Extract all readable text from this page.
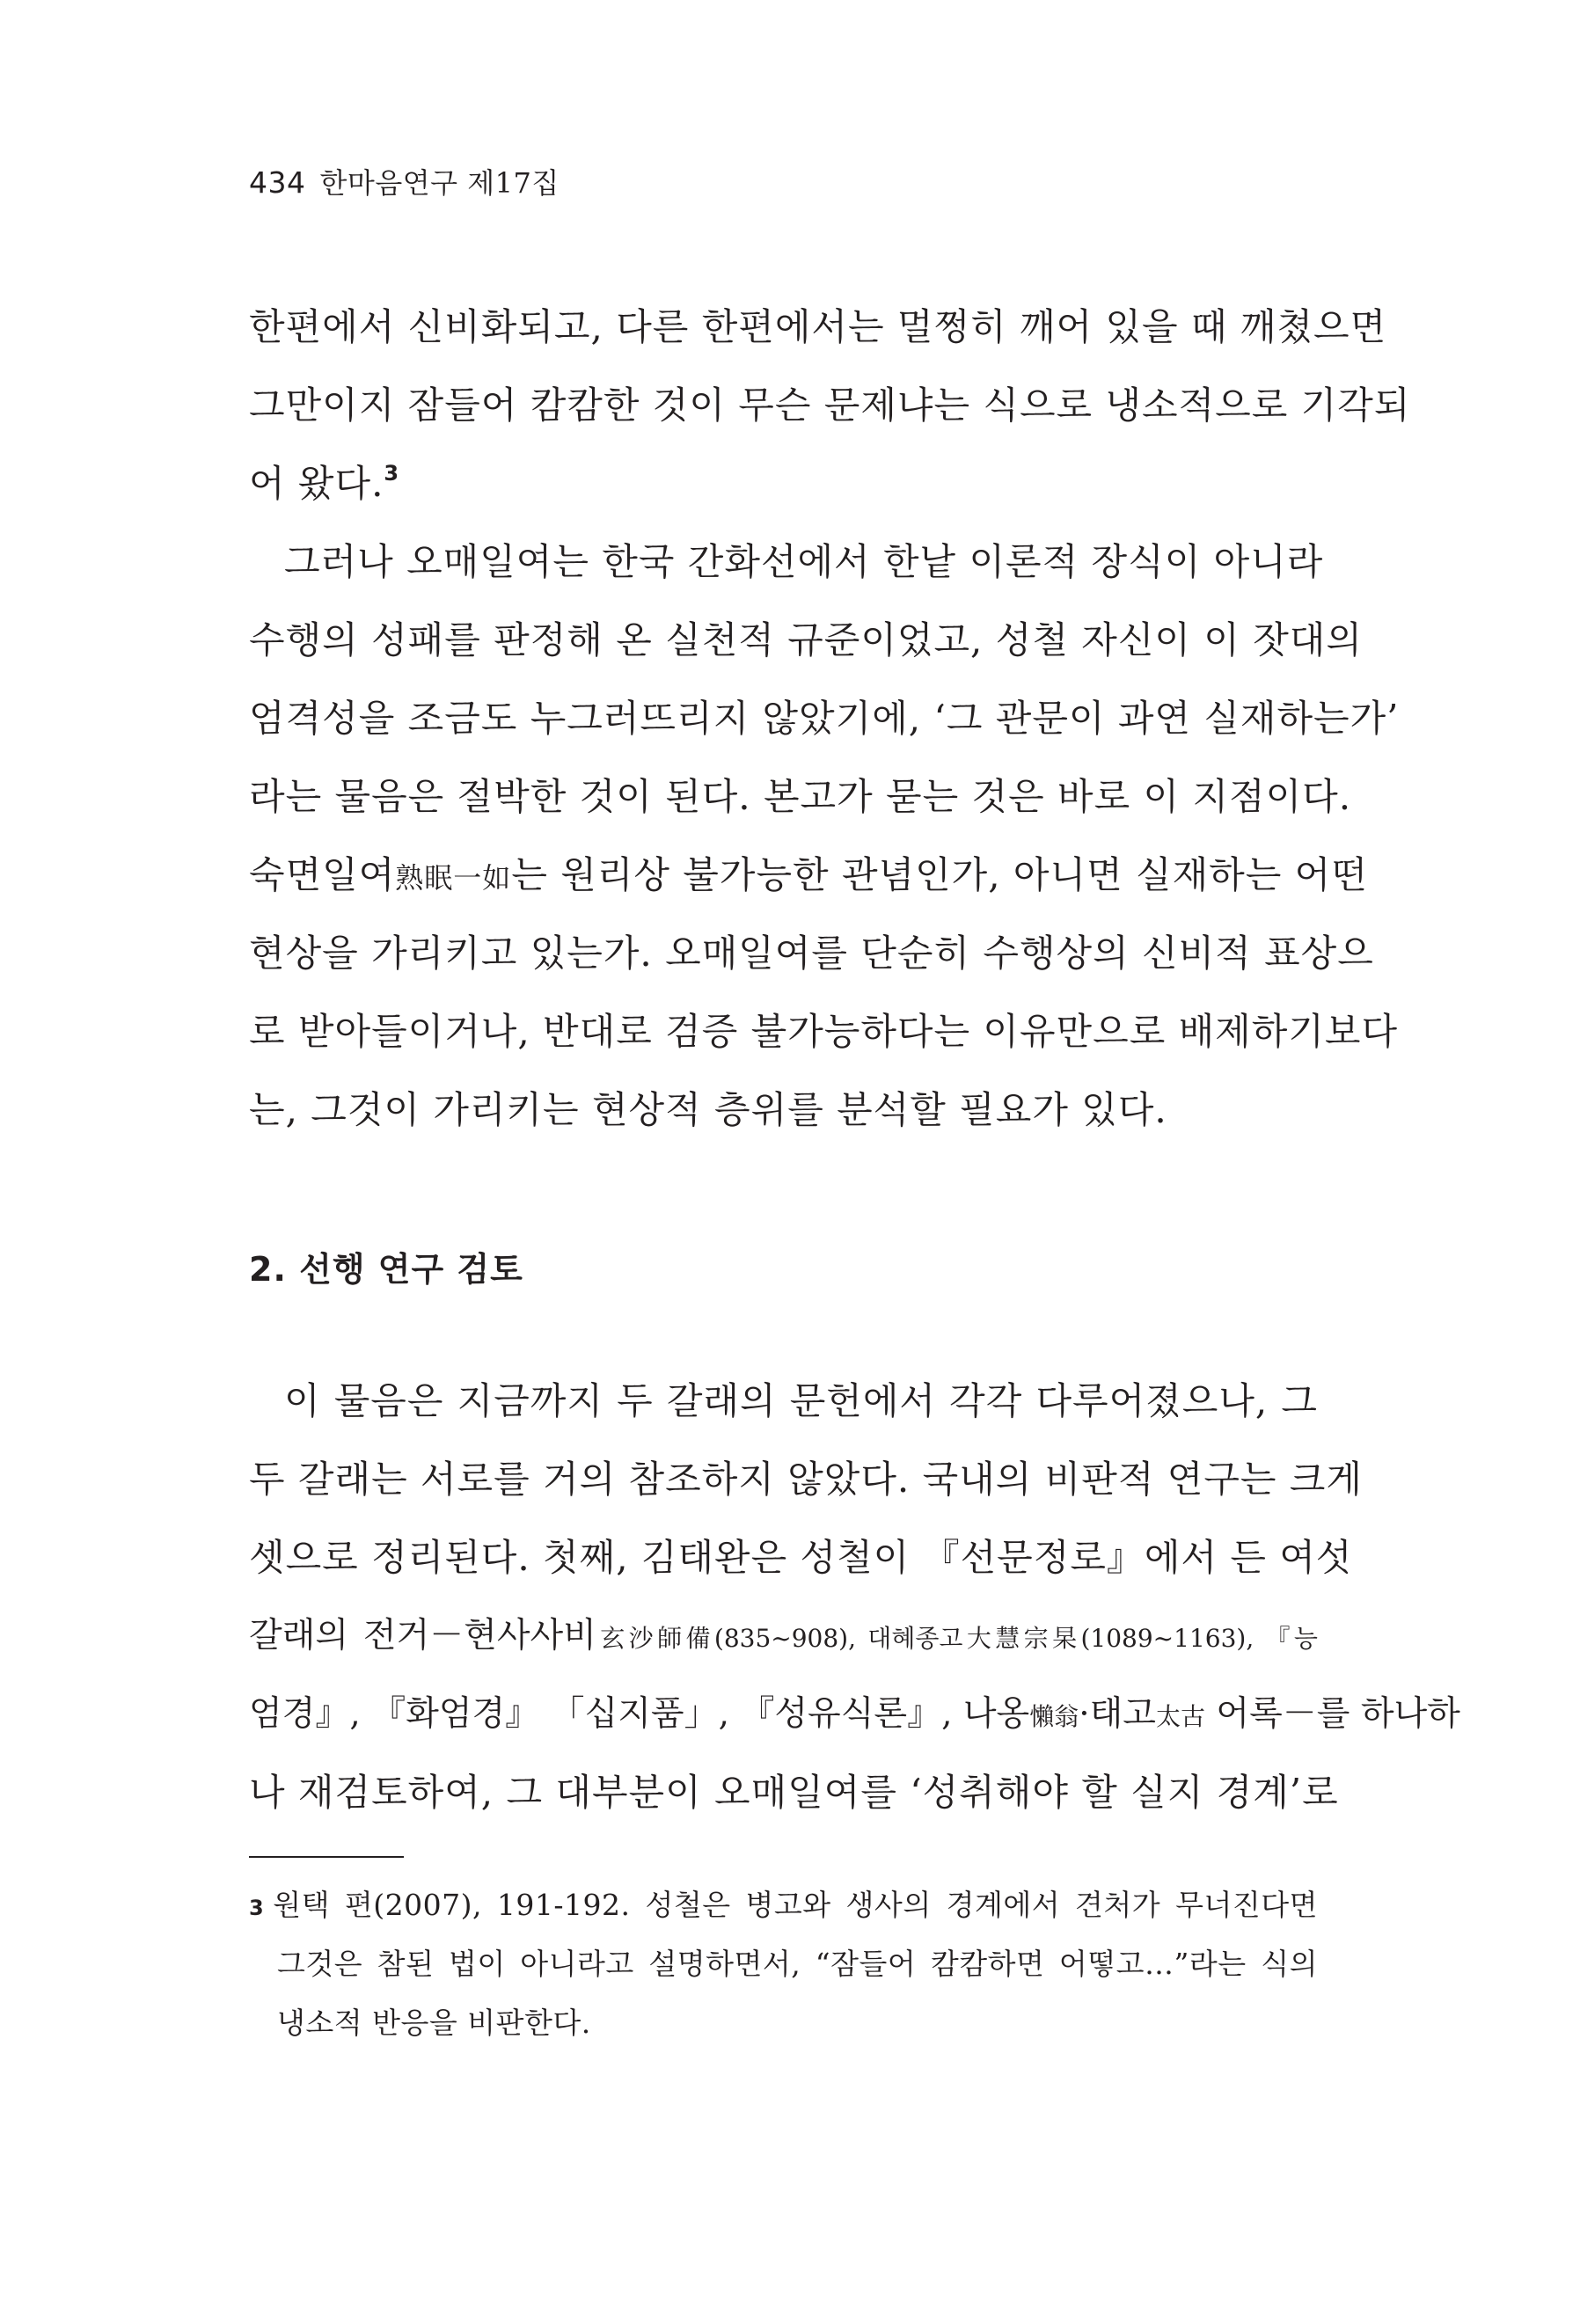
434 한마음연구 제17집
한편에서 신비화되고, 다른 한편에서는 멀쩡히 깨어 있을 때 깨쳤으면
그만이지 잠들어 캄캄한 것이 무슨 문제냐는 식으로 냉소적으로 기각되
어 왔다.$^3$
그러나 오매일여는 한국 간화선에서 한낱 이론적 장식이 아니라
수행의 성패를 판정해 온 실천적 규준이었고, 성철 자신이 이 잣대의
엄격성을 조금도 누그러뜨리지 않았기에, ‘그 관문이 과연 실재하는가’
라는 물음은 절박한 것이 된다. 본고가 묻는 것은 바로 이 지점이다.
숙면일여熟眠一如는 원리상 불가능한 관념인가, 아니면 실재하는 어떤
현상을 가리키고 있는가. 오매일여를 단순히 수행상의 신비적 표상으
로 받아들이거나, 반대로 검증 불가능하다는 이유만으로 배제하기보다
는, 그것이 가리키는 현상적 층위를 분석할 필요가 있다.
2. 선행 연구 검토
이 물음은 지금까지 두 갈래의 문헌에서 각각 다루어졌으나, 그
두 갈래는 서로를 거의 참조하지 않았다. 국내의 비판적 연구는 크게
셋으로 정리된다. 첫째, 김태완은 성철이 『선문정로』에서 든 여섯
갈래의 전거－현사사비玄沙師備(835~908), 대혜종고大慧宗杲(1089~1163), 『능
엄경』, 『화엄경』 「십지품」, 『성유식론』, 나옹懶翁·태고太古 어록－를 하나하
나 재검토하여, 그 대부분이 오매일여를 ‘성취해야 할 실지 경계’로
3 원택 편(2007), 191-192. 성철은 병고와 생사의 경계에서 견처가 무너진다면
그것은 참된 법이 아니라고 설명하면서, “잠들어 캄캄하면 어떻고…”라는 식의
냉소적 반응을 비판한다.
